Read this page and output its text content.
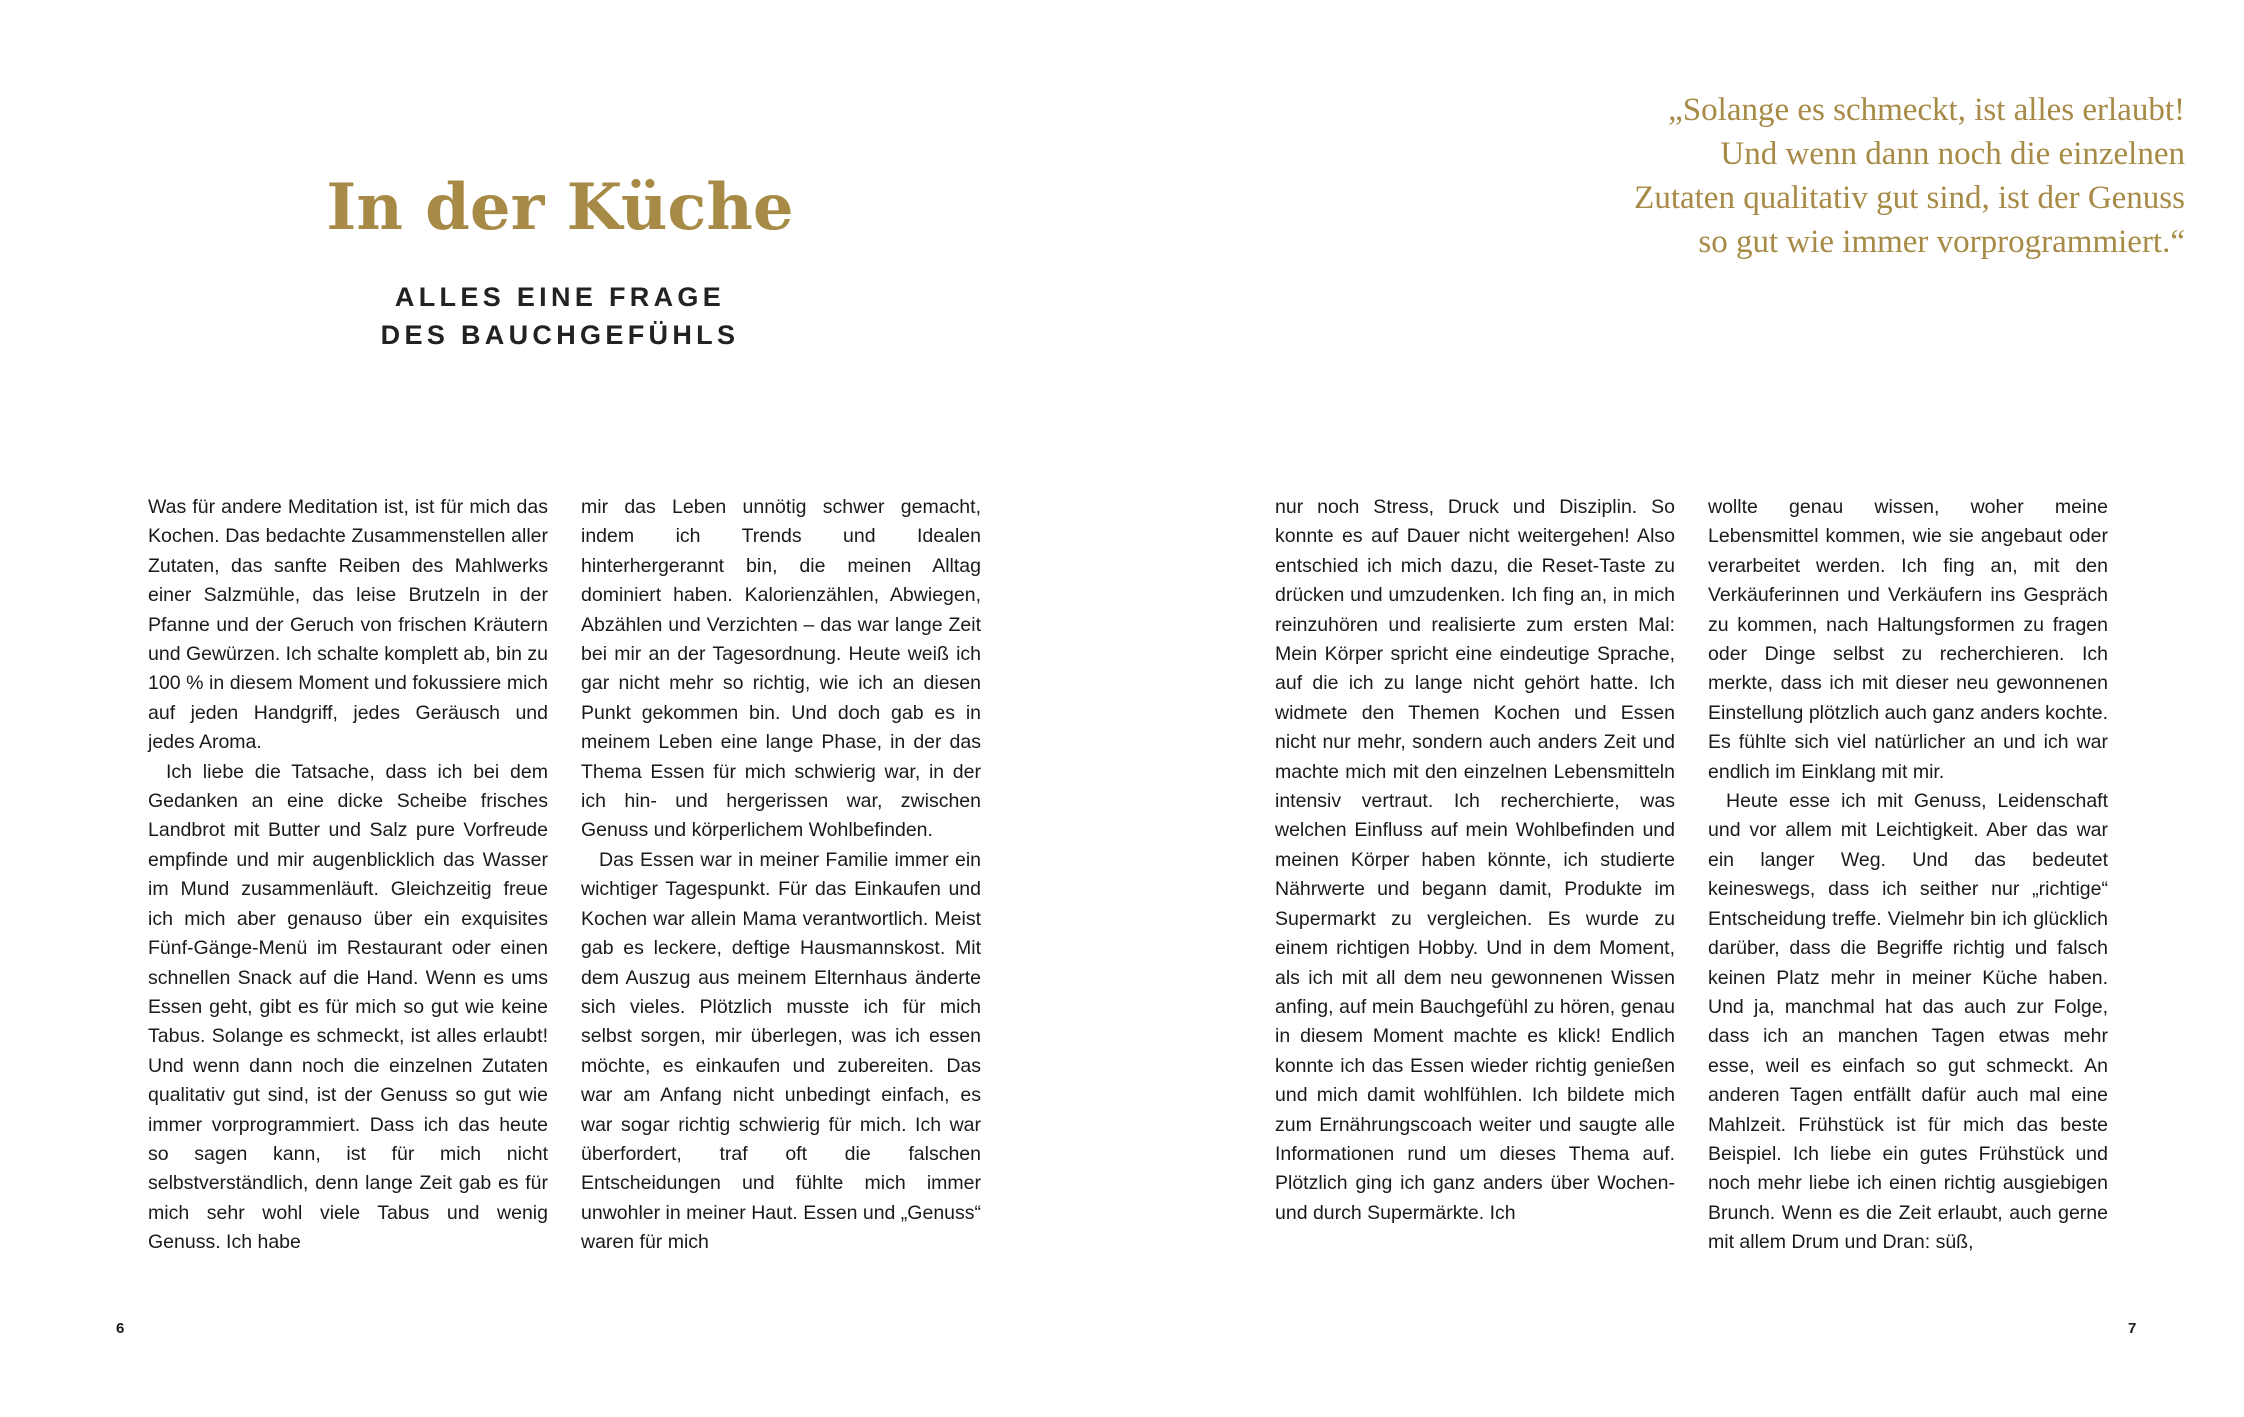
In der Küche
ALLES EINE FRAGE
DES BAUCHGEFÜHLS
„Solange es schmeckt, ist alles erlaubt!
Und wenn dann noch die einzelnen
Zutaten qualitativ gut sind, ist der Genuss
so gut wie immer vorprogrammiert.“

Was für andere Meditation ist, ist für mich das Kochen. Das bedachte Zusammenstellen aller Zutaten, das sanfte Reiben des Mahlwerks einer Salzmühle, das leise Brutzeln in der Pfanne und der Geruch von frischen Kräutern und Gewürzen. Ich schalte komplett ab, bin zu 100 % in diesem Moment und fokussiere mich auf jeden Handgriff, jedes Geräusch und jedes Aroma.

Ich liebe die Tatsache, dass ich bei dem Gedanken an eine dicke Scheibe frisches Landbrot mit Butter und Salz pure Vorfreude empfinde und mir augenblicklich das Wasser im Mund zusammenläuft. Gleichzeitig freue ich mich aber genauso über ein exquisites Fünf-Gänge-Menü im Restaurant oder einen schnellen Snack auf die Hand. Wenn es ums Essen geht, gibt es für mich so gut wie keine Tabus. Solange es schmeckt, ist alles erlaubt! Und wenn dann noch die einzelnen Zutaten qualitativ gut sind, ist der Genuss so gut wie immer vorprogrammiert. Dass ich das heute so sagen kann, ist für mich nicht selbstverständlich, denn lange Zeit gab es für mich sehr wohl viele Tabus und wenig Genuss. Ich habe

mir das Leben unnötig schwer gemacht, indem ich Trends und Idealen hinterhergerannt bin, die meinen Alltag dominiert haben. Kalorienzählen, Abwiegen, Abzählen und Verzichten – das war lange Zeit bei mir an der Tagesordnung. Heute weiß ich gar nicht mehr so richtig, wie ich an diesen Punkt gekommen bin. Und doch gab es in meinem Leben eine lange Phase, in der das Thema Essen für mich schwierig war, in der ich hin- und hergerissen war, zwischen Genuss und körperlichem Wohlbefinden.

Das Essen war in meiner Familie immer ein wichtiger Tagespunkt. Für das Einkaufen und Kochen war allein Mama verantwortlich. Meist gab es leckere, deftige Hausmannskost. Mit dem Auszug aus meinem Elternhaus änderte sich vieles. Plötzlich musste ich für mich selbst sorgen, mir überlegen, was ich essen möchte, es einkaufen und zubereiten. Das war am Anfang nicht unbedingt einfach, es war sogar richtig schwierig für mich. Ich war überfordert, traf oft die falschen Entscheidungen und fühlte mich immer unwohler in meiner Haut. Essen und „Genuss“ waren für mich

nur noch Stress, Druck und Disziplin. So konnte es auf Dauer nicht weitergehen! Also entschied ich mich dazu, die Reset-Taste zu drücken und umzudenken. Ich fing an, in mich reinzuhören und realisierte zum ersten Mal: Mein Körper spricht eine eindeutige Sprache, auf die ich zu lange nicht gehört hatte. Ich widmete den Themen Kochen und Essen nicht nur mehr, sondern auch anders Zeit und machte mich mit den einzelnen Lebensmitteln intensiv vertraut. Ich recherchierte, was welchen Einfluss auf mein Wohlbefinden und meinen Körper haben könnte, ich studierte Nährwerte und begann damit, Produkte im Supermarkt zu vergleichen. Es wurde zu einem richtigen Hobby. Und in dem Moment, als ich mit all dem neu gewonnenen Wissen anfing, auf mein Bauchgefühl zu hören, genau in diesem Moment machte es klick! Endlich konnte ich das Essen wieder richtig genießen und mich damit wohlfühlen. Ich bildete mich zum Ernährungscoach weiter und saugte alle Informationen rund um dieses Thema auf. Plötzlich ging ich ganz anders über Wochen- und durch Supermärkte. Ich

wollte genau wissen, woher meine Lebensmittel kommen, wie sie angebaut oder verarbeitet werden. Ich fing an, mit den Verkäuferinnen und Verkäufern ins Gespräch zu kommen, nach Haltungsformen zu fragen oder Dinge selbst zu recherchieren. Ich merkte, dass ich mit dieser neu gewonnenen Einstellung plötzlich auch ganz anders kochte. Es fühlte sich viel natürlicher an und ich war endlich im Einklang mit mir.

Heute esse ich mit Genuss, Leidenschaft und vor allem mit Leichtigkeit. Aber das war ein langer Weg. Und das bedeutet keineswegs, dass ich seither nur „richtige“ Entscheidung treffe. Vielmehr bin ich glücklich darüber, dass die Begriffe richtig und falsch keinen Platz mehr in meiner Küche haben. Und ja, manchmal hat das auch zur Folge, dass ich an manchen Tagen etwas mehr esse, weil es einfach so gut schmeckt. An anderen Tagen entfällt dafür auch mal eine Mahlzeit. Frühstück ist für mich das beste Beispiel. Ich liebe ein gutes Frühstück und noch mehr liebe ich einen richtig ausgiebigen Brunch. Wenn es die Zeit erlaubt, auch gerne mit allem Drum und Dran: süß,

6	7
